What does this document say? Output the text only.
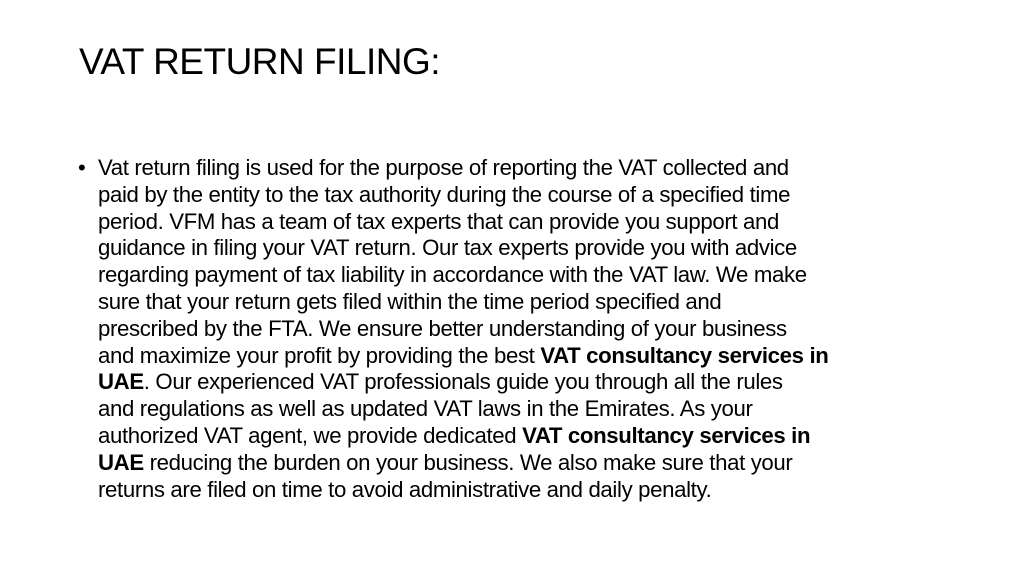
VAT RETURN FILING:
• Vat return filing is used for the purpose of reporting the VAT collected and
paid by the entity to the tax authority during the course of a specified time
period. VFM has a team of tax experts that can provide you support and
guidance in filing your VAT return. Our tax experts provide you with advice
regarding payment of tax liability in accordance with the VAT law. We make
sure that your return gets filed within the time period specified and
prescribed by the FTA. We ensure better understanding of your business
and maximize your profit by providing the best VAT consultancy services in
UAE. Our experienced VAT professionals guide you through all the rules
and regulations as well as updated VAT laws in the Emirates. As your
authorized VAT agent, we provide dedicated VAT consultancy services in
UAE reducing the burden on your business. We also make sure that your
returns are filed on time to avoid administrative and daily penalty.
